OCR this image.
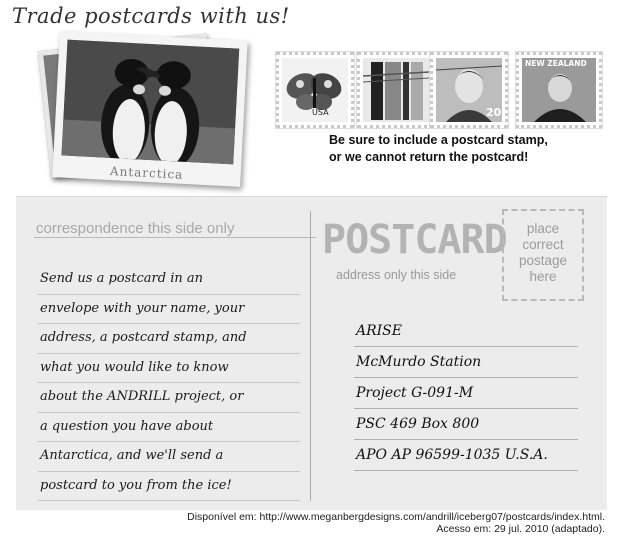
Trade postcards with us!
Antarctica
USA	20
NEW ZEALAND
Be sure to include a postcard stamp,
or we cannot return the postcard!
correspondence this side only POSTCARD
address only this side
place
correct
postage
here
Send us a postcard in an
envelope with your name, your
address, a postcard stamp, and
what you would like to know
about the ANDRILL project, or
a question you have about
Antarctica, and we'll send a
postcard to you from the ice!
ARISE
McMurdo Station
Project G-091-M
PSC 469 Box 800
APO AP 96599-1035 U.S.A.
Disponível em: http://www.meganbergdesigns.com/andrill/iceberg07/postcards/index.html.
Acesso em: 29 jul. 2010 (adaptado).
